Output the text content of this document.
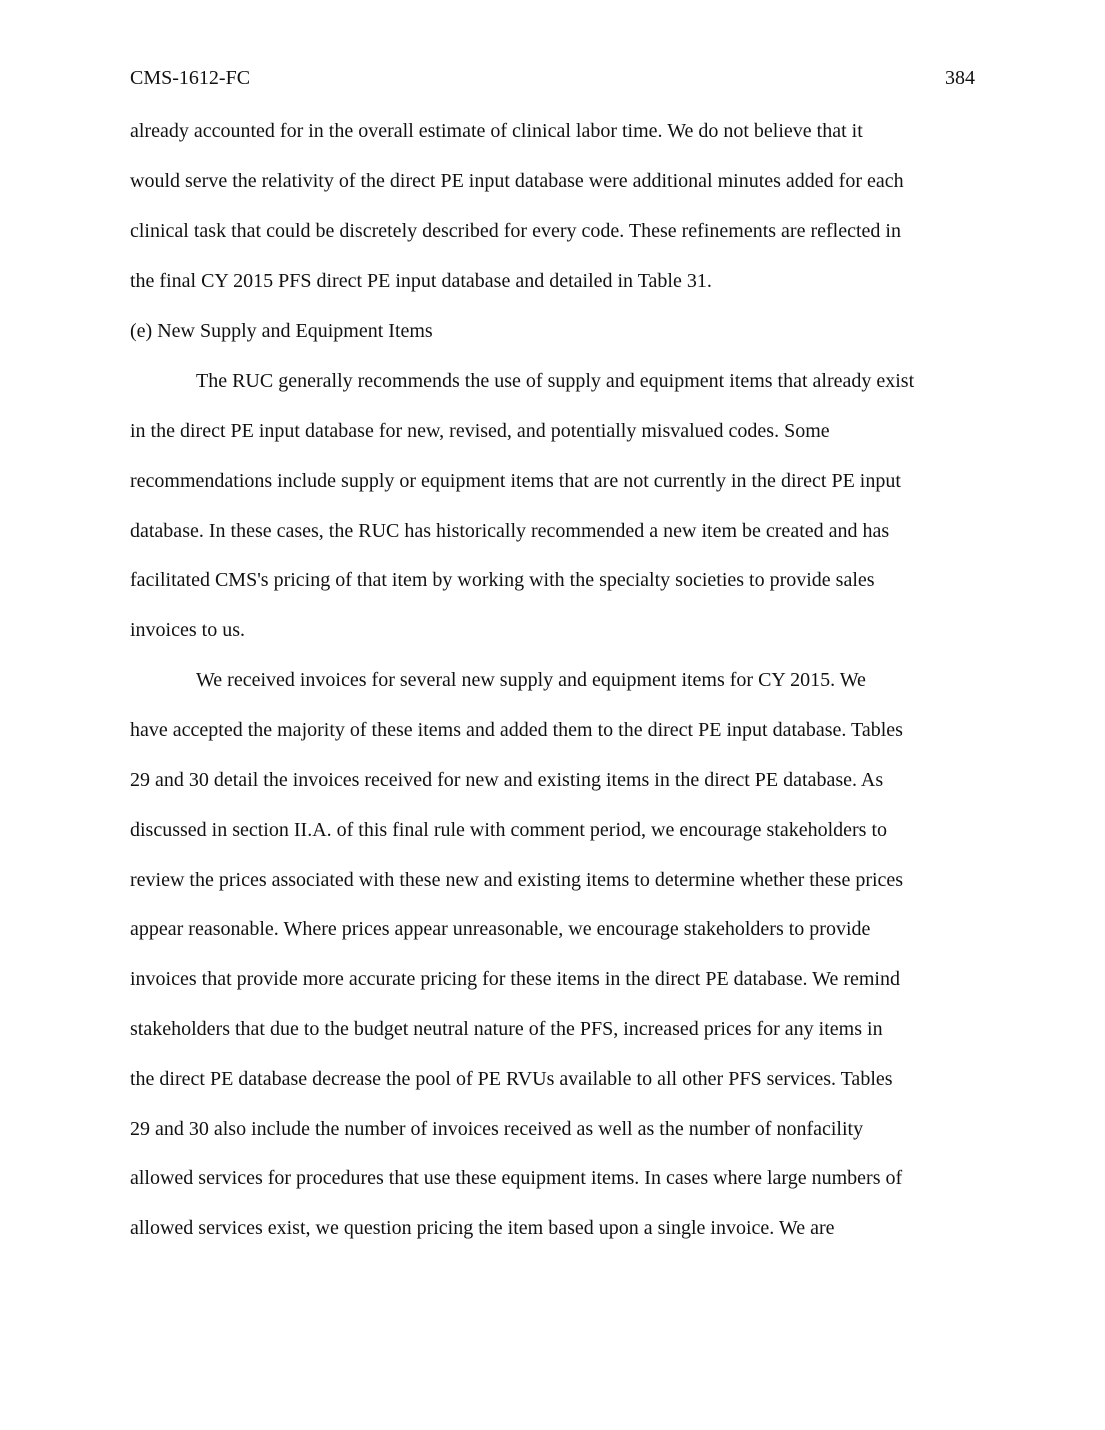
CMS-1612-FC	384
already accounted for in the overall estimate of clinical labor time. We do not believe that it
would serve the relativity of the direct PE input database were additional minutes added for each
clinical task that could be discretely described for every code. These refinements are reflected in
the final CY 2015 PFS direct PE input database and detailed in Table 31.
(e) New Supply and Equipment Items
The RUC generally recommends the use of supply and equipment items that already exist
in the direct PE input database for new, revised, and potentially misvalued codes. Some
recommendations include supply or equipment items that are not currently in the direct PE input
database. In these cases, the RUC has historically recommended a new item be created and has
facilitated CMS's pricing of that item by working with the specialty societies to provide sales
invoices to us.
We received invoices for several new supply and equipment items for CY 2015. We
have accepted the majority of these items and added them to the direct PE input database. Tables
29 and 30 detail the invoices received for new and existing items in the direct PE database. As
discussed in section II.A. of this final rule with comment period, we encourage stakeholders to
review the prices associated with these new and existing items to determine whether these prices
appear reasonable. Where prices appear unreasonable, we encourage stakeholders to provide
invoices that provide more accurate pricing for these items in the direct PE database. We remind
stakeholders that due to the budget neutral nature of the PFS, increased prices for any items in
the direct PE database decrease the pool of PE RVUs available to all other PFS services. Tables
29 and 30 also include the number of invoices received as well as the number of nonfacility
allowed services for procedures that use these equipment items. In cases where large numbers of
allowed services exist, we question pricing the item based upon a single invoice. We are
